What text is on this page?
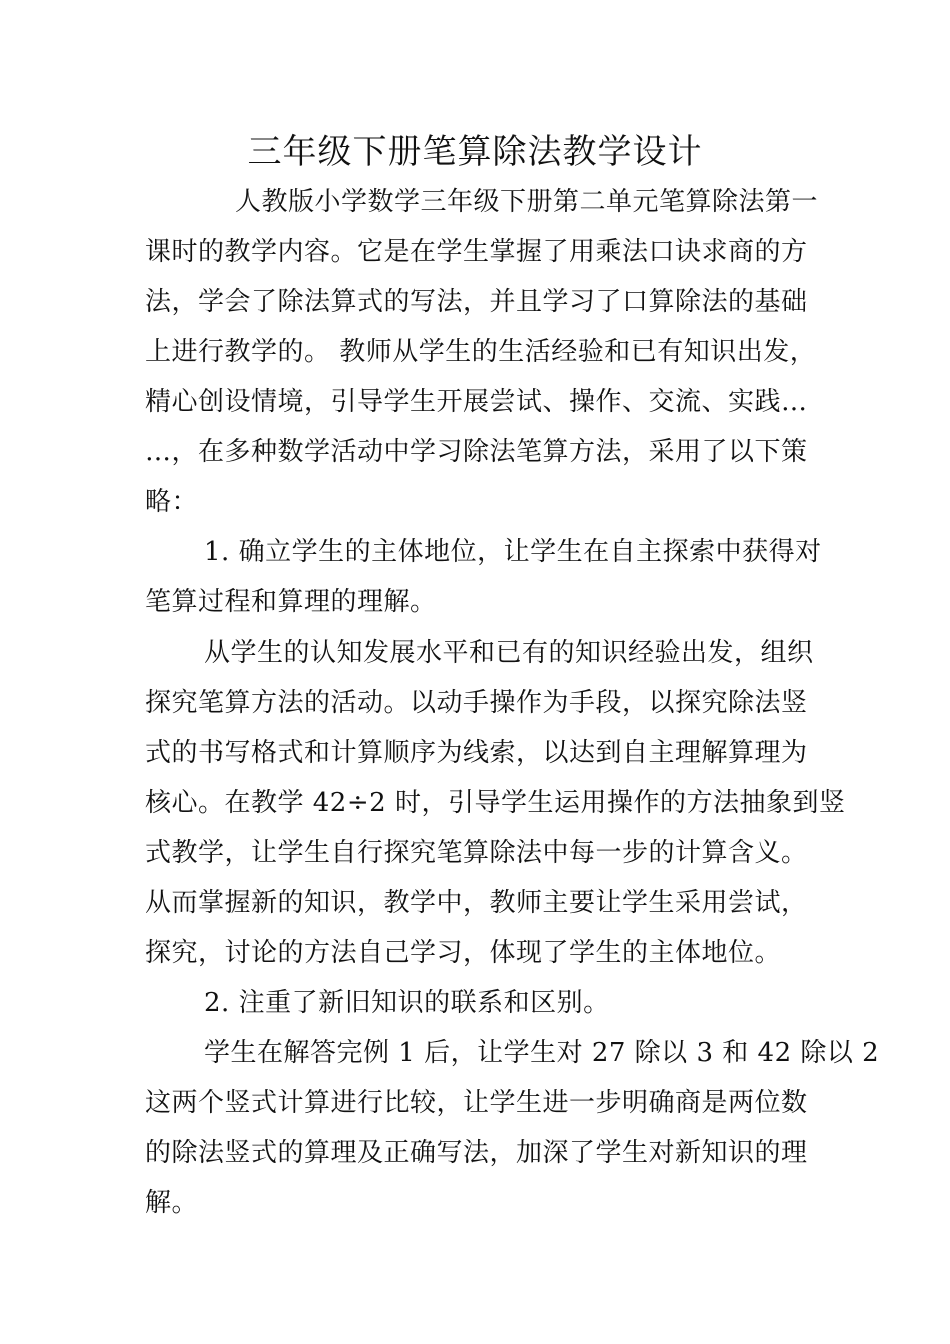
三年级下册笔算除法教学设计
人教版小学数学三年级下册第二单元笔算除法第一
课时的教学内容。它是在学生掌握了用乘法口诀求商的方
法，学会了除法算式的写法，并且学习了口算除法的基础
上进行教学的。 教师从学生的生活经验和已有知识出发，
精心创设情境，引导学生开展尝试、操作、交流、实践…
…，在多种数学活动中学习除法笔算方法，采用了以下策
略：
1. 确立学生的主体地位，让学生在自主探索中获得对
笔算过程和算理的理解。
从学生的认知发展水平和已有的知识经验出发，组织
探究笔算方法的活动。以动手操作为手段，以探究除法竖
式的书写格式和计算顺序为线索，以达到自主理解算理为
核心。在教学 42÷2 时，引导学生运用操作的方法抽象到竖
式教学，让学生自行探究笔算除法中每一步的计算含义。
从而掌握新的知识，教学中，教师主要让学生采用尝试，
探究，讨论的方法自己学习，体现了学生的主体地位。
2. 注重了新旧知识的联系和区别。
学生在解答完例 1 后，让学生对 27 除以 3 和 42 除以 2
这两个竖式计算进行比较，让学生进一步明确商是两位数
的除法竖式的算理及正确写法，加深了学生对新知识的理
解。
